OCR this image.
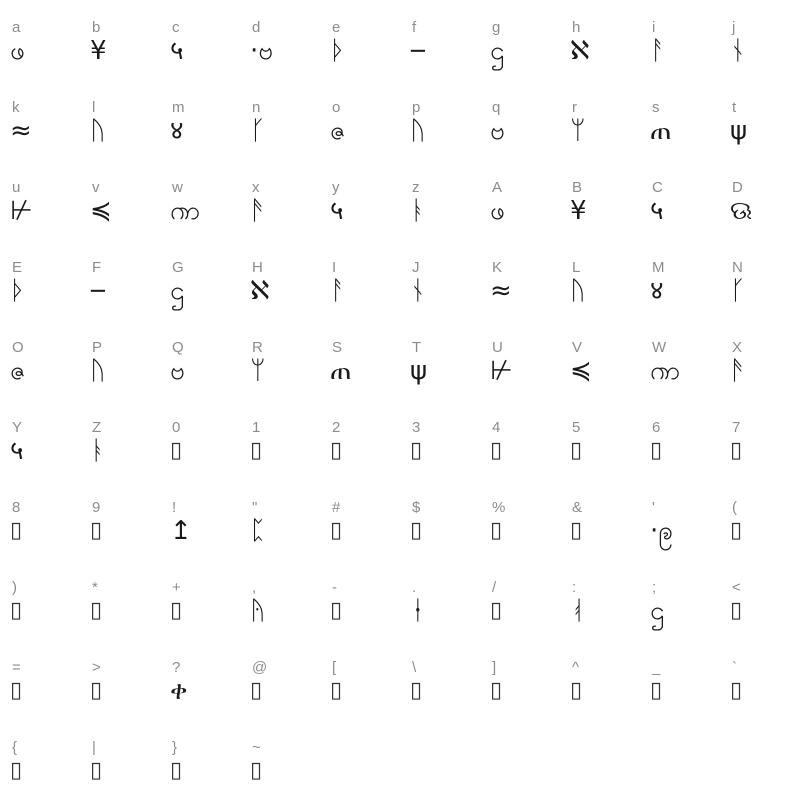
a
ဖ
b
¥
c
५
d
·ဗ
e
ᚦ
f
౼
g
ဌ
h
ℵ
i
ᚨ
j
ᚾ
k
≈
l
ᚢ
m
४
n
ᚴ
o
ဇ
p
ᚢ
q
ဗ
r
ᛘ
s
ጠ
t
ψ
u
⊬
v
≼
w
ၮ
x
ᚫ
y
५
z
ᚭ
A
ဖ
B
¥
C
५
D
ଊ
E
ᚦ
F
౼
G
ဌ
H
ℵ
I
ᚨ
J
ᚾ
K
≈
L
ᚢ
M
४
N
ᚴ
O
ဇ
P
ᚢ
Q
ဗ
R
ᛘ
S
ጠ
T
ψ
U
⊬
V
≼
W
ၮ
X
ᚫ
Y
५
Z
ᚭ
0
▯
1
▯
2
▯
3
▯
4
▯
5
▯
6
▯
7
▯
8
▯
9
▯
!
↥
"
ᛈ
#
▯
$
▯
%
▯
&
▯
'
·ဨ
(
▯
)
▯
*
▯
+
▯
,
ᚤ
-
▯
.
ᚽ
/
▯
:
ᚮ
;
ဌ
<
▯
=
▯
>
▯
?
ቀ
@
▯
[
▯
\
▯
]
▯
^
▯
_
▯
`
▯
{
▯
|
▯
}
▯
~
▯
